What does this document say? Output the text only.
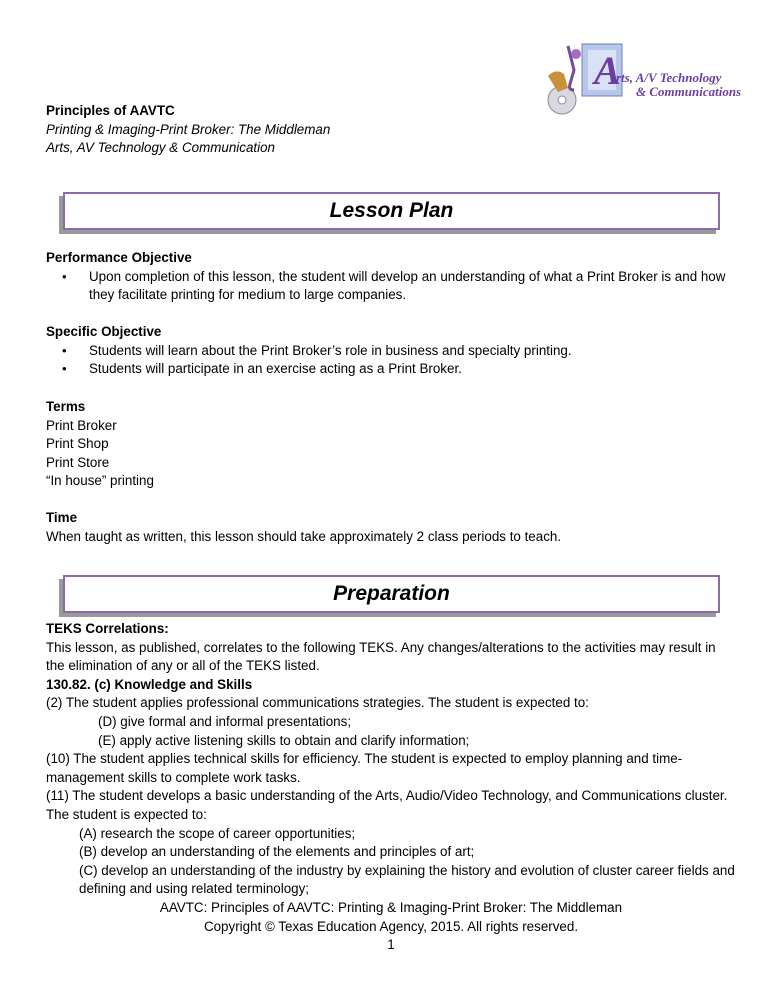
A
rts, A/V Technology
& Communications
Principles of AAVTC
Printing & Imaging-Print Broker: The Middleman
Arts, AV Technology & Communication
Lesson Plan
Performance Objective
• Upon completion of this lesson, the student will develop an understanding of what a Print Broker is and how they facilitate printing for medium to large companies.
Specific Objective
• Students will learn about the Print Broker’s role in business and specialty printing.
• Students will participate in an exercise acting as a Print Broker.
Terms
Print Broker
Print Shop
Print Store
“In house” printing
Time
When taught as written, this lesson should take approximately 2 class periods to teach.
Preparation
TEKS Correlations:
This lesson, as published, correlates to the following TEKS. Any changes/alterations to the activities may result in the elimination of any or all of the TEKS listed.
130.82. (c) Knowledge and Skills
(2) The student applies professional communications strategies. The student is expected to:
(D) give formal and informal presentations;
(E) apply active listening skills to obtain and clarify information;
(10) The student applies technical skills for efficiency. The student is expected to employ planning and time-management skills to complete work tasks.
(11) The student develops a basic understanding of the Arts, Audio/Video Technology, and Communications cluster. The student is expected to:
(A) research the scope of career opportunities;
(B) develop an understanding of the elements and principles of art;
(C) develop an understanding of the industry by explaining the history and evolution of cluster career fields and defining and using related terminology;
AAVTC: Principles of AAVTC: Printing & Imaging-Print Broker: The Middleman
Copyright © Texas Education Agency, 2015. All rights reserved.
1
